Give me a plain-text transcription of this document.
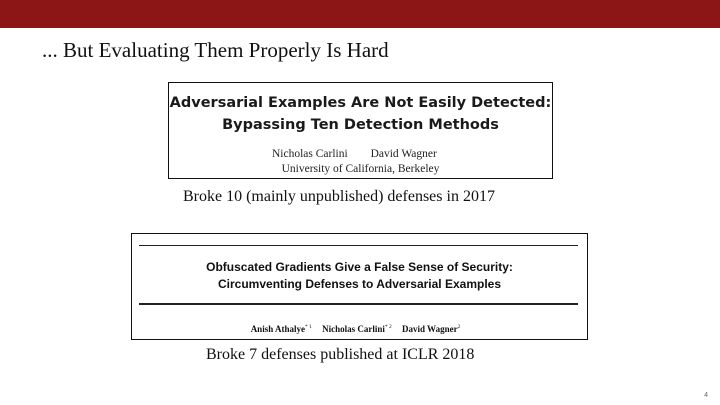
... But Evaluating Them Properly Is Hard
Adversarial Examples Are Not Easily Detected:
Bypassing Ten Detection Methods
Nicholas Carlini David Wagner
University of California, Berkeley
Broke 10 (mainly unpublished) defenses in 2017
Obfuscated Gradients Give a False Sense of Security:
Circumventing Defenses to Adversarial Examples
Anish Athalye$^{* 1}$ Nicholas Carlini$^{* 2}$ David Wagner$^2$
Broke 7 defenses published at ICLR 2018
4
